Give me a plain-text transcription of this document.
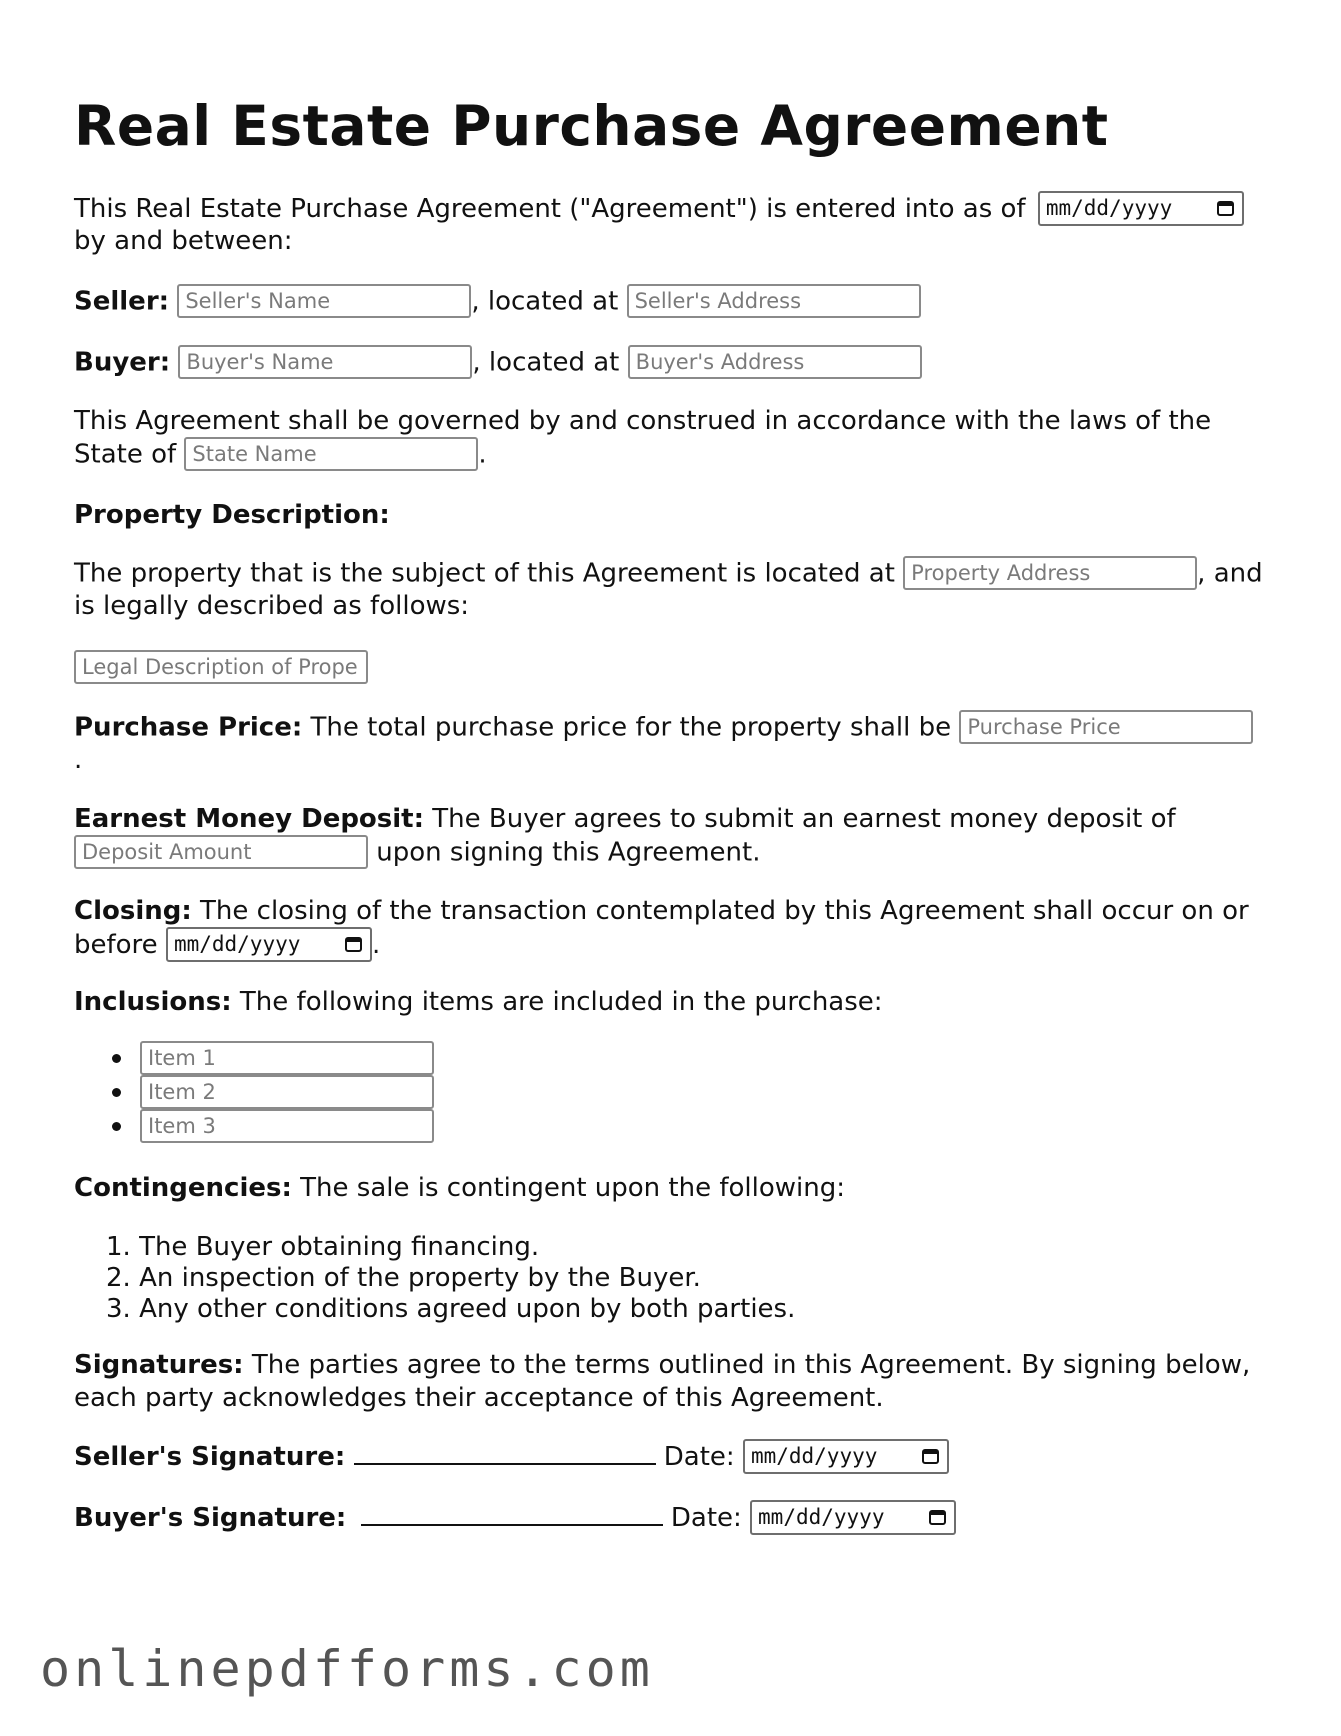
Real Estate Purchase Agreement
This Real Estate Purchase Agreement ("Agreement") is entered into as of mm/dd/yyyy
by and between:
Seller: Seller's Name	, located at Seller's Address
Buyer: Buyer's Name	, located at Buyer's Address
This Agreement shall be governed by and construed in accordance with the laws of the
State of State Name	.
Property Description:
The property that is the subject of this Agreement is located at Property Address	, and
is legally described as follows:
Legal Description of Prope
Purchase Price: The total purchase price for the property shall be Purchase Price
.
Earnest Money Deposit: The Buyer agrees to submit an earnest money deposit of
Deposit Amount	upon signing this Agreement.
Closing: The closing of the transaction contemplated by this Agreement shall occur on or
before mm/dd/yyyy	.
Inclusions: The following items are included in the purchase:
Item 1
Item 2
Item 3
Contingencies: The sale is contingent upon the following:
1. The Buyer obtaining financing.
2. An inspection of the property by the Buyer.
3. Any other conditions agreed upon by both parties.
Signatures: The parties agree to the terms outlined in this Agreement. By signing below,
each party acknowledges their acceptance of this Agreement.
Seller's Signature:	Date: mm/dd/yyyy
Buyer's Signature:	Date: mm/dd/yyyy
onlinepdfforms.com
